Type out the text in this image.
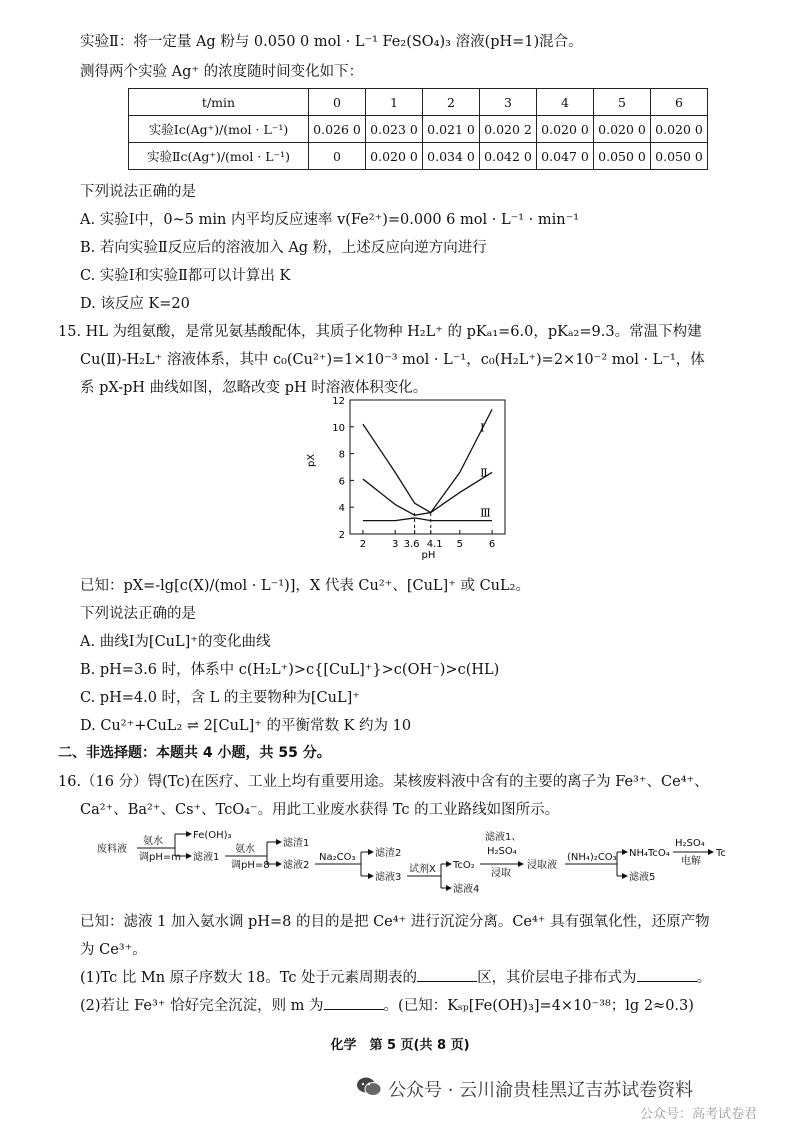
实验Ⅱ：将一定量 Ag 粉与 0.050 0 mol · L⁻¹ Fe₂(SO₄)₃ 溶液(pH=1)混合。
测得两个实验 Ag⁺ 的浓度随时间变化如下：
t/min	0	1	2	3	4	5	6
实验Ⅰc(Ag⁺)/(mol · L⁻¹)	0.026 0	0.023 0	0.021 0	0.020 2	0.020 0	0.020 0	0.020 0
实验Ⅱc(Ag⁺)/(mol · L⁻¹)	0	0.020 0	0.034 0	0.042 0	0.047 0	0.050 0	0.050 0
下列说法正确的是
A. 实验Ⅰ中，0~5 min 内平均反应速率 v(Fe²⁺)=0.000 6 mol · L⁻¹ · min⁻¹
B. 若向实验Ⅱ反应后的溶液加入 Ag 粉，上述反应向逆方向进行
C. 实验Ⅰ和实验Ⅱ都可以计算出 K
D. 该反应 K=20
15. HL 为组氨酸，是常见氨基酸配体，其质子化物种 H₂L⁺ 的 pKₐ₁=6.0，pKₐ₂=9.3。常温下构建
Cu(Ⅱ)-H₂L⁺ 溶液体系，其中 c₀(Cu²⁺)=1×10⁻³ mol · L⁻¹，c₀(H₂L⁺)=2×10⁻² mol · L⁻¹，体
系 pX-pH 曲线如图，忽略改变 pH 时溶液体积变化。
2
4
6
8
10
12
2	3 3.6 4.1 5	6
Ⅰ
Ⅱ
Ⅲ
pH
pX
已知：pX=-lg[c(X)/(mol · L⁻¹)]，X 代表 Cu²⁺、[CuL]⁺ 或 CuL₂。
下列说法正确的是
A. 曲线Ⅰ为[CuL]⁺的变化曲线
B. pH=3.6 时，体系中 c(H₂L⁺)>c{[CuL]⁺}>c(OH⁻)>c(HL)
C. pH=4.0 时，含 L 的主要物种为[CuL]⁺
D. Cu²⁺+CuL₂ ⇌ 2[CuL]⁺ 的平衡常数 K 约为 10
二、非选择题：本题共 4 小题，共 55 分。
16.（16 分）锝(Tc)在医疗、工业上均有重要用途。某核废料液中含有的主要的离子为 Fe³⁺、Ce⁴⁺、
Ca²⁺、Ba²⁺、Cs⁺、TcO₄⁻。用此工业废水获得 Tc 的工业路线如图所示。
废料液
氨水
调pH=m
Fe(OH)₃
滤液1
氨水
调pH=8
滤渣1
滤液2
Na₂CO₃ 滤渣2
滤液3
试剂X TcO₂
滤液4
滤液1、
H₂SO₄
浸取
浸取液
(NH₄)₂CO₃ NH₄TcO₄
滤液5
H₂SO₄
电解
Tc
已知：滤液 1 加入氨水调 pH=8 的目的是把 Ce⁴⁺ 进行沉淀分离。Ce⁴⁺ 具有强氧化性，还原产物
为 Ce³⁺。
(1)Tc 比 Mn 原子序数大 18。Tc 处于元素周期表的	区，其价层电子排布式为	。
(2)若让 Fe³⁺ 恰好完全沉淀，则 m 为	。(已知：Kₛₚ[Fe(OH)₃]=4×10⁻³⁸；lg 2≈0.3)
化学　第 5 页(共 8 页)
公众号 · 云川渝贵桂黑辽吉苏试卷资料
公众号：高考试卷君
